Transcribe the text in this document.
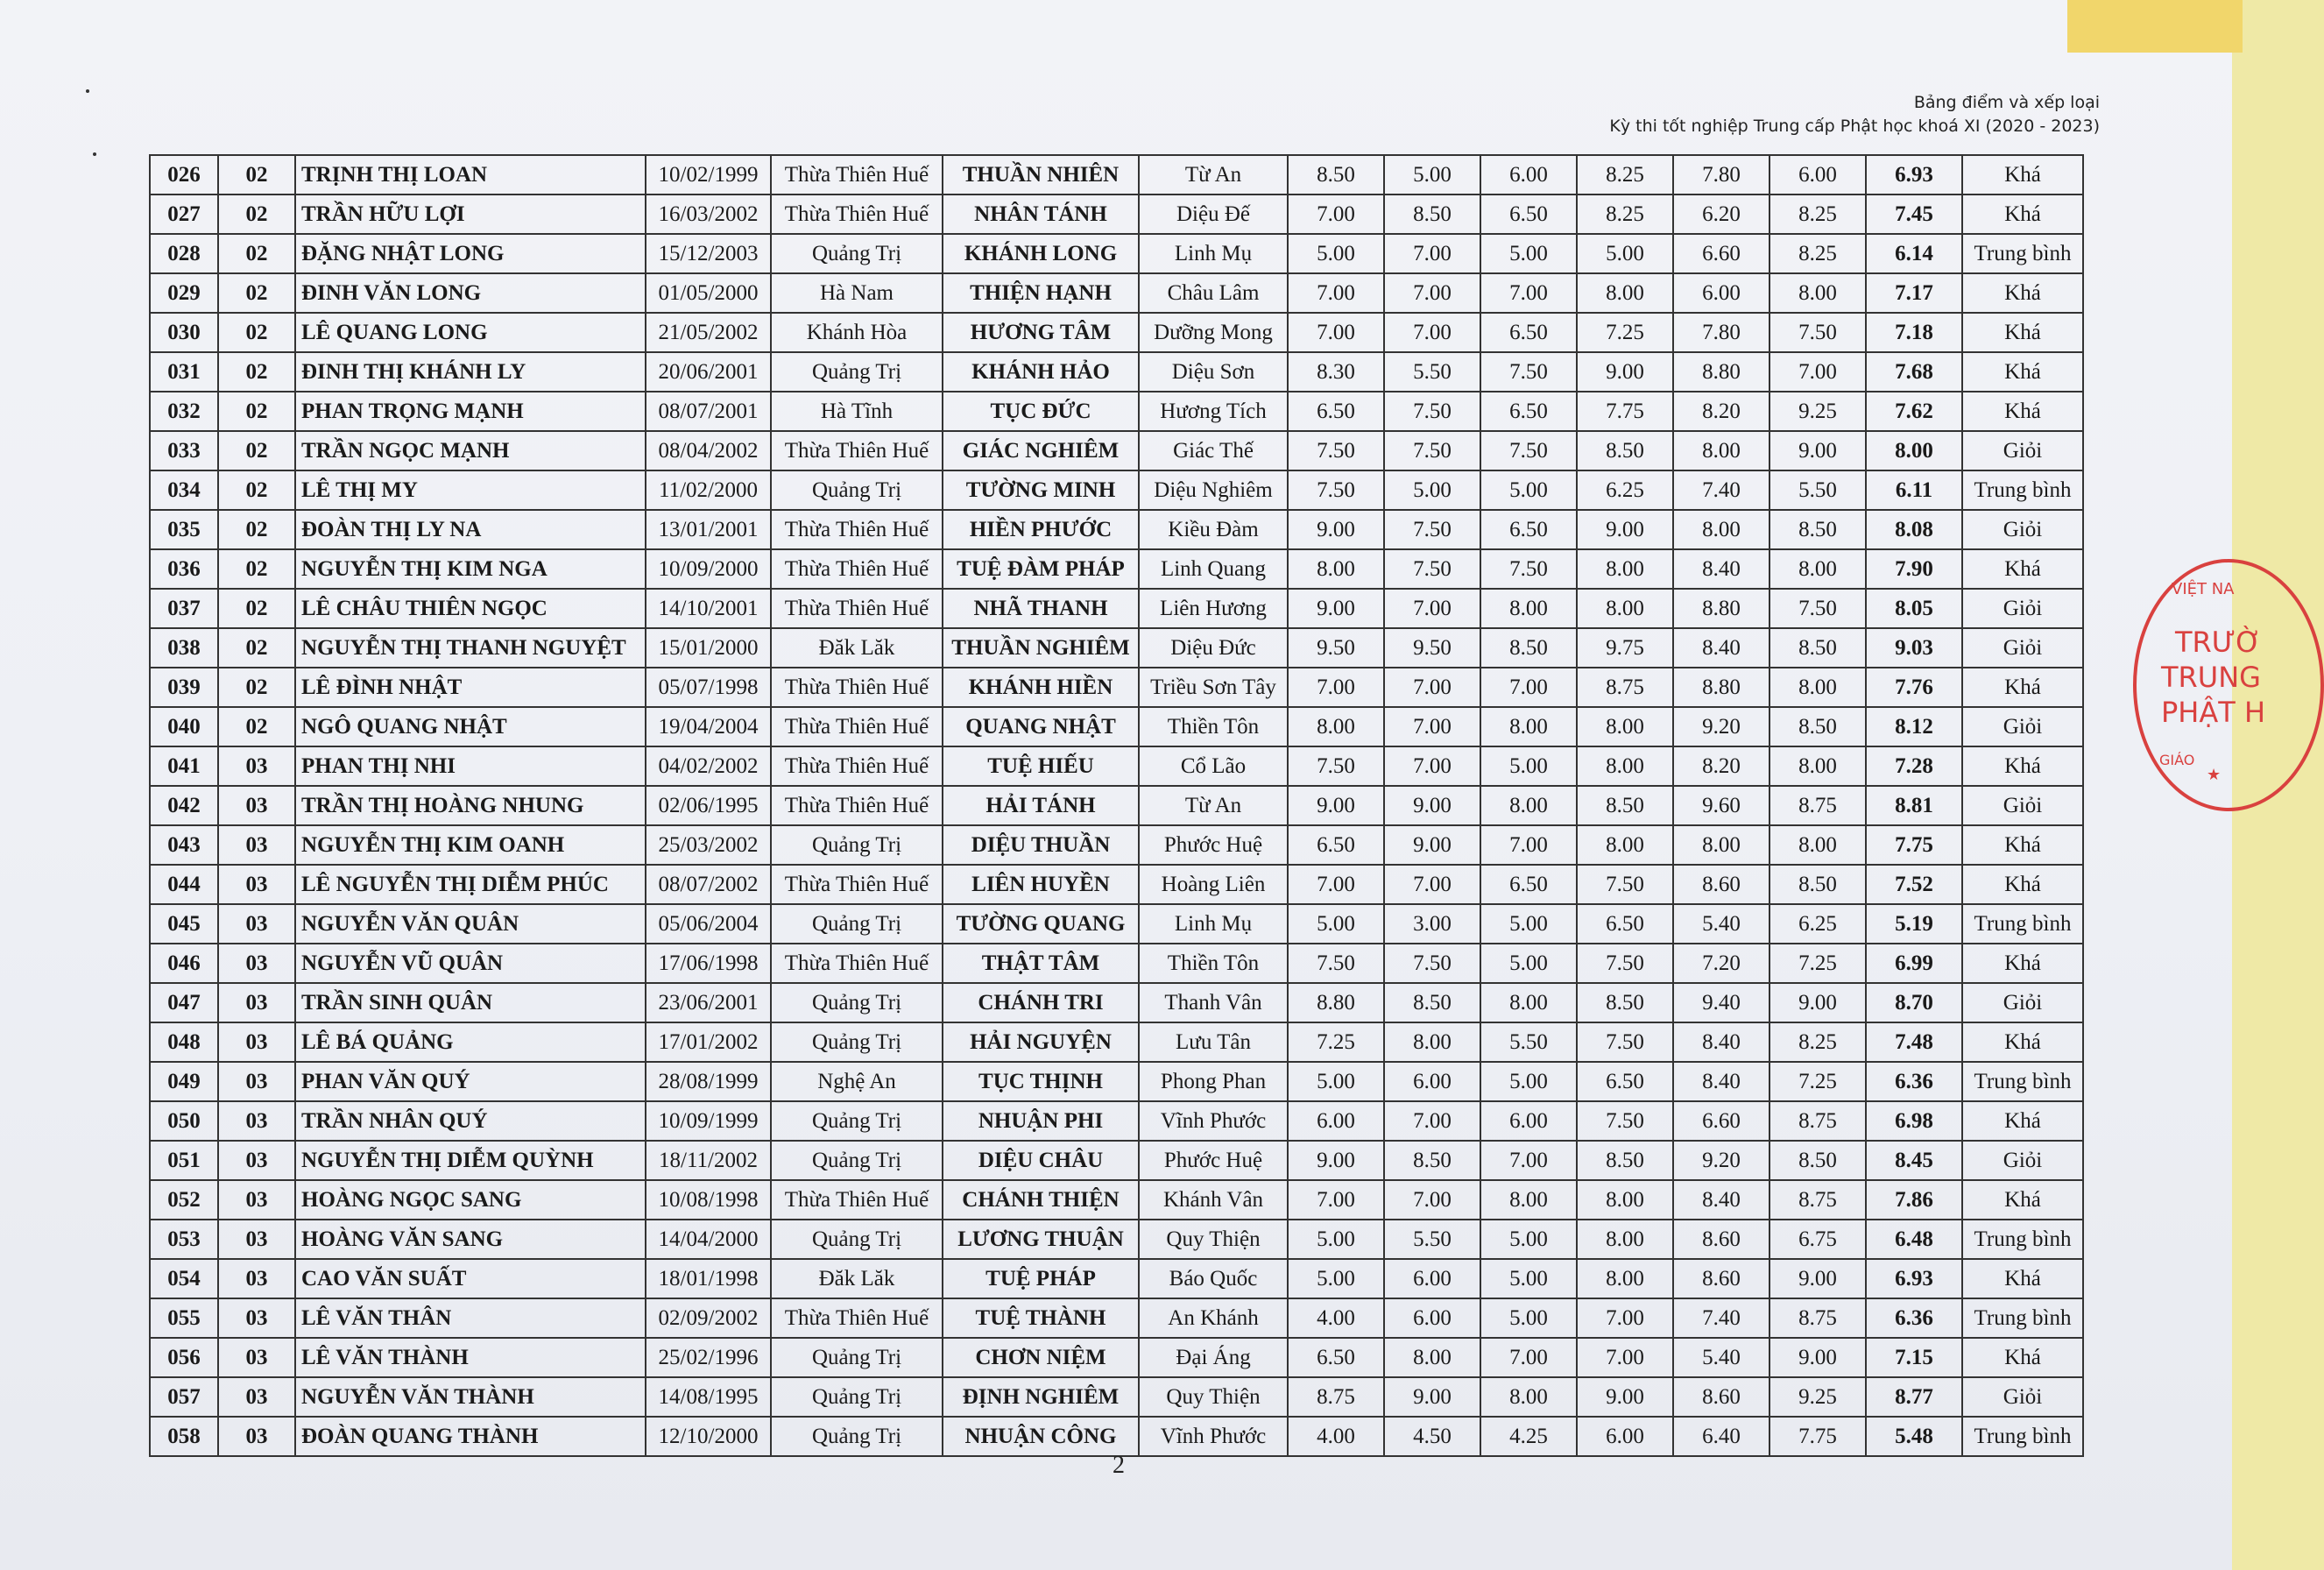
Bảng điểm và xếp loại
Kỳ thi tốt nghiệp Trung cấp Phật học khoá XI (2020 - 2023)
026	02	TRỊNH THỊ LOAN	10/02/1999	Thừa Thiên Huế	THUẦN NHIÊN	Từ An	8.50	5.00	6.00	8.25	7.80	6.00	6.93	Khá
027	02	TRẦN HỮU LỢI	16/03/2002	Thừa Thiên Huế	NHÂN TÁNH	Diệu Đế	7.00	8.50	6.50	8.25	6.20	8.25	7.45	Khá
028	02	ĐẶNG NHẬT LONG	15/12/2003	Quảng Trị	KHÁNH LONG	Linh Mụ	5.00	7.00	5.00	5.00	6.60	8.25	6.14	Trung bình
029	02	ĐINH VĂN LONG	01/05/2000	Hà Nam	THIỆN HẠNH	Châu Lâm	7.00	7.00	7.00	8.00	6.00	8.00	7.17	Khá
030	02	LÊ QUANG LONG	21/05/2002	Khánh Hòa	HƯƠNG TÂM	Dưỡng Mong	7.00	7.00	6.50	7.25	7.80	7.50	7.18	Khá
031	02	ĐINH THỊ KHÁNH LY	20/06/2001	Quảng Trị	KHÁNH HẢO	Diệu Sơn	8.30	5.50	7.50	9.00	8.80	7.00	7.68	Khá
032	02	PHAN TRỌNG MẠNH	08/07/2001	Hà Tĩnh	TỤC ĐỨC	Hương Tích	6.50	7.50	6.50	7.75	8.20	9.25	7.62	Khá
033	02	TRẦN NGỌC MẠNH	08/04/2002	Thừa Thiên Huế	GIÁC NGHIÊM	Giác Thế	7.50	7.50	7.50	8.50	8.00	9.00	8.00	Giỏi
034	02	LÊ THỊ MY	11/02/2000	Quảng Trị	TƯỜNG MINH	Diệu Nghiêm	7.50	5.00	5.00	6.25	7.40	5.50	6.11	Trung bình
035	02	ĐOÀN THỊ LY NA	13/01/2001	Thừa Thiên Huế	HIỀN PHƯỚC	Kiều Đàm	9.00	7.50	6.50	9.00	8.00	8.50	8.08	Giỏi
036	02	NGUYỄN THỊ KIM NGA	10/09/2000	Thừa Thiên Huế	TUỆ ĐÀM PHÁP	Linh Quang	8.00	7.50	7.50	8.00	8.40	8.00	7.90	Khá
037	02	LÊ CHÂU THIÊN NGỌC	14/10/2001	Thừa Thiên Huế	NHÃ THANH	Liên Hương	9.00	7.00	8.00	8.00	8.80	7.50	8.05	Giỏi
038	02	NGUYỄN THỊ THANH NGUYỆT	15/01/2000	Đăk Lăk	THUẦN NGHIÊM	Diệu Đức	9.50	9.50	8.50	9.75	8.40	8.50	9.03	Giỏi
039	02	LÊ ĐÌNH NHẬT	05/07/1998	Thừa Thiên Huế	KHÁNH HIỀN	Triều Sơn Tây	7.00	7.00	7.00	8.75	8.80	8.00	7.76	Khá
040	02	NGÔ QUANG NHẬT	19/04/2004	Thừa Thiên Huế	QUANG NHẬT	Thiền Tôn	8.00	7.00	8.00	8.00	9.20	8.50	8.12	Giỏi
041	03	PHAN THỊ NHI	04/02/2002	Thừa Thiên Huế	TUỆ HIẾU	Cổ Lão	7.50	7.00	5.00	8.00	8.20	8.00	7.28	Khá
042	03	TRẦN THỊ HOÀNG NHUNG	02/06/1995	Thừa Thiên Huế	HẢI TÁNH	Từ An	9.00	9.00	8.00	8.50	9.60	8.75	8.81	Giỏi
043	03	NGUYỄN THỊ KIM OANH	25/03/2002	Quảng Trị	DIỆU THUẦN	Phước Huệ	6.50	9.00	7.00	8.00	8.00	8.00	7.75	Khá
044	03	LÊ NGUYỄN THỊ DIỄM PHÚC	08/07/2002	Thừa Thiên Huế	LIÊN HUYỀN	Hoàng Liên	7.00	7.00	6.50	7.50	8.60	8.50	7.52	Khá
045	03	NGUYỄN VĂN QUÂN	05/06/2004	Quảng Trị	TƯỜNG QUANG	Linh Mụ	5.00	3.00	5.00	6.50	5.40	6.25	5.19	Trung bình
046	03	NGUYỄN VŨ QUÂN	17/06/1998	Thừa Thiên Huế	THẬT TÂM	Thiền Tôn	7.50	7.50	5.00	7.50	7.20	7.25	6.99	Khá
047	03	TRẦN SINH QUÂN	23/06/2001	Quảng Trị	CHÁNH TRI	Thanh Vân	8.80	8.50	8.00	8.50	9.40	9.00	8.70	Giỏi
048	03	LÊ BÁ QUẢNG	17/01/2002	Quảng Trị	HẢI NGUYỆN	Lưu Tân	7.25	8.00	5.50	7.50	8.40	8.25	7.48	Khá
049	03	PHAN VĂN QUÝ	28/08/1999	Nghệ An	TỤC THỊNH	Phong Phan	5.00	6.00	5.00	6.50	8.40	7.25	6.36	Trung bình
050	03	TRẦN NHÂN QUÝ	10/09/1999	Quảng Trị	NHUẬN PHI	Vĩnh Phước	6.00	7.00	6.00	7.50	6.60	8.75	6.98	Khá
051	03	NGUYỄN THỊ DIỄM QUỲNH	18/11/2002	Quảng Trị	DIỆU CHÂU	Phước Huệ	9.00	8.50	7.00	8.50	9.20	8.50	8.45	Giỏi
052	03	HOÀNG NGỌC SANG	10/08/1998	Thừa Thiên Huế	CHÁNH THIỆN	Khánh Vân	7.00	7.00	8.00	8.00	8.40	8.75	7.86	Khá
053	03	HOÀNG VĂN SANG	14/04/2000	Quảng Trị	LƯƠNG THUẬN	Quy Thiện	5.00	5.50	5.00	8.00	8.60	6.75	6.48	Trung bình
054	03	CAO VĂN SUẤT	18/01/1998	Đăk Lăk	TUỆ PHÁP	Báo Quốc	5.00	6.00	5.00	8.00	8.60	9.00	6.93	Khá
055	03	LÊ VĂN THÂN	02/09/2002	Thừa Thiên Huế	TUỆ THÀNH	An Khánh	4.00	6.00	5.00	7.00	7.40	8.75	6.36	Trung bình
056	03	LÊ VĂN THÀNH	25/02/1996	Quảng Trị	CHƠN NIỆM	Đại Áng	6.50	8.00	7.00	7.00	5.40	9.00	7.15	Khá
057	03	NGUYỄN VĂN THÀNH	14/08/1995	Quảng Trị	ĐỊNH NGHIÊM	Quy Thiện	8.75	9.00	8.00	9.00	8.60	9.25	8.77	Giỏi
058	03	ĐOÀN QUANG THÀNH	12/10/2000	Quảng Trị	NHUẬN CÔNG	Vĩnh Phước	4.00	4.50	4.25	6.00	6.40	7.75	5.48	Trung bình
2
VIỆT NA
TRƯỜ
TRUNG
PHẬT H
GIÁO
★
